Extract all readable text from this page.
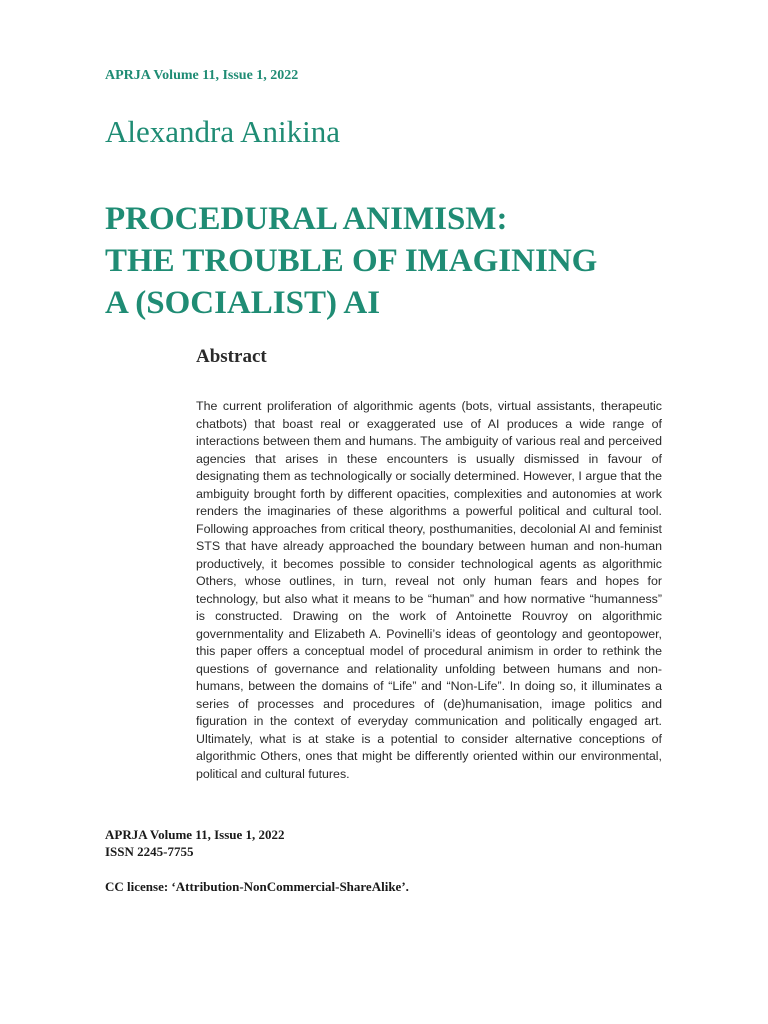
APRJA Volume 11, Issue 1, 2022
Alexandra Anikina
PROCEDURAL ANIMISM:
THE TROUBLE OF IMAGINING
A (SOCIALIST) AI
Abstract

The current proliferation of algorithmic agents (bots, virtual assistants, therapeutic chatbots) that boast real or exaggerated use of AI produces a wide range of interactions between them and humans. The ambiguity of various real and perceived agencies that arises in these encounters is usually dismissed in favour of designating them as technologically or socially determined. However, I argue that the ambiguity brought forth by different opacities, complexities and autonomies at work renders the imaginaries of these algorithms a powerful political and cultural tool. Following approaches from critical theory, posthumanities, decolonial AI and feminist STS that have already approached the boundary between human and non-human productively, it becomes possible to consider technological agents as algorithmic Others, whose outlines, in turn, reveal not only human fears and hopes for technology, but also what it means to be “human” and how normative “humanness” is constructed. Drawing on the work of Antoinette Rouvroy on algorithmic governmentality and Elizabeth A. Povinelli’s ideas of geontology and geontopower, this paper offers a conceptual model of procedural animism in order to rethink the questions of governance and relationality unfolding between humans and non-humans, between the domains of “Life” and “Non-Life”. In doing so, it illuminates a series of processes and procedures of (de)humanisation, image politics and figuration in the context of everyday communication and politically engaged art. Ultimately, what is at stake is a potential to consider alternative conceptions of algorithmic Others, ones that might be differently oriented within our environmental, political and cultural futures.

APRJA Volume 11, Issue 1, 2022
ISSN 2245-7755
CC license: ‘Attribution-NonCommercial-ShareAlike’.
